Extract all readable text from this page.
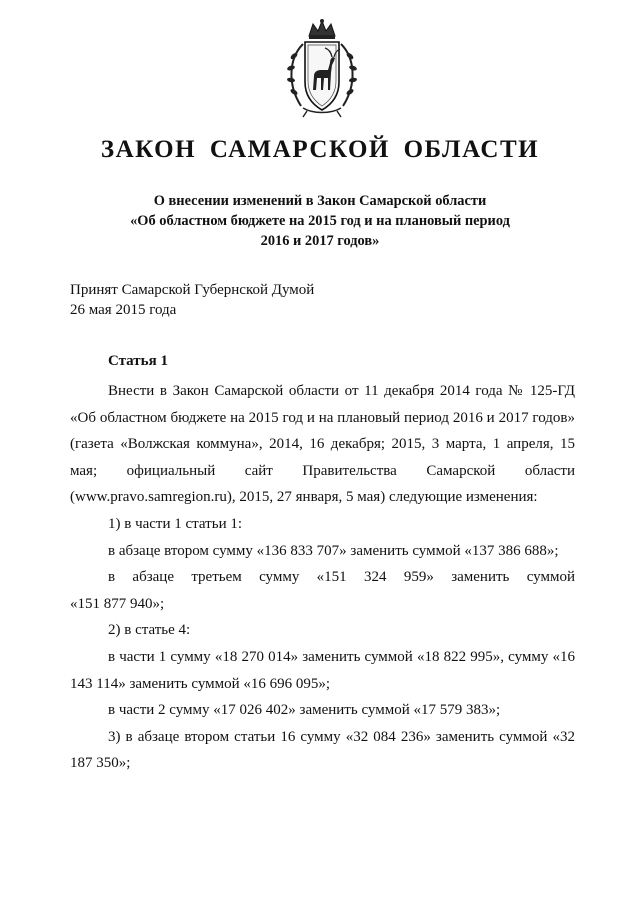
ЗАКОН САМАРСКОЙ ОБЛАСТИ
О внесении изменений в Закон Самарской области
«Об областном бюджете на 2015 год и на плановый период
2016 и 2017 годов»
Принят Самарской Губернской Думой
26 мая 2015 года
Статья 1

Внести в Закон Самарской области от 11 декабря 2014 года № 125-ГД «Об областном бюджете на 2015 год и на плановый период 2016 и 2017 годов» (газета «Волжская коммуна», 2014, 16 декабря; 2015, 3 марта, 1 апреля, 15 мая; официальный сайт Правительства Самарской области (www.pravo.samregion.ru), 2015, 27 января, 5 мая) следующие изменения:

1) в части 1 статьи 1:

в абзаце втором сумму «136 833 707» заменить суммой «137 386 688»;

в абзаце третьем сумму «151 324 959» заменить суммой

«151 877 940»;

2) в статье 4:

в части 1 сумму «18 270 014» заменить суммой «18 822 995», сумму «16 143 114» заменить суммой «16 696 095»;

в части 2 сумму «17 026 402» заменить суммой «17 579 383»;

3) в абзаце втором статьи 16 сумму «32 084 236» заменить суммой «32 187 350»;
